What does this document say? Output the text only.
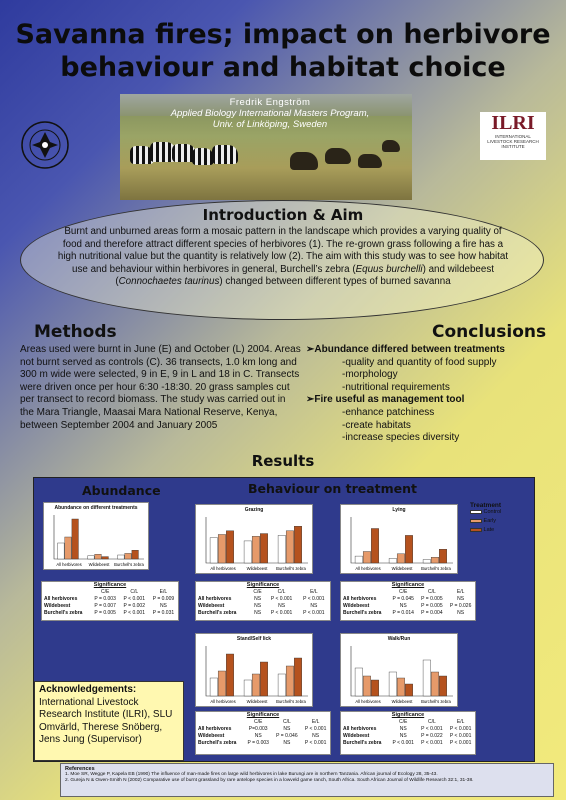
Savanna fires; impact on herbivore
behaviour and habitat choice
Fredrik Engström
Applied Biology International Masters Program,
Univ. of Linköping, Sweden	ILRI
INTERNATIONAL
LIVESTOCK RESEARCH
INSTITUTE
Introduction & Aim
Burnt and unburned areas form a mosaic pattern in the landscape which provides a varying quality of food and therefore attract different species of herbivores (1). The re-grown grass following a fire has a high nutritional value but the quantity is relatively low (2). The aim with this study was to see how habitat use and behaviour within herbivores in general, Burchell’s zebra (Equus burchelli) and wildebeest (Connochaetes taurinus) changed between different types of burned savanna
Methods
Areas used were burnt in June (E) and October (L) 2004. Areas not burnt served as controls (C). 36 transects, 1.0 km long and 300 m wide were selected, 9 in E, 9 in L and 18 in C. Transects were driven once per hour 6:30 -18:30. 20 grass samples cut per transect to record biomass. The study was carried out in the Mara Triangle, Maasai Mara National Reserve, Kenya, between September 2004 and January 2005
Conclusions
➢Abundance differed between treatments
-quality and quantity of food supply
-morphology
-nutritional requirements
➢Fire useful as management tool
-enhance patchiness
-create habitats
-increase species diversity
Results
Abundance	Behaviour on treatment
Treatment
Control
Early
Late
Abundance on different treatments
All herbivores Wildebeest Burchell's zebra
Grazing
All herbivores	Wildebeest Burchell's zebra
Lying
All herbivores	Wildebeest Burchell's zebra
Stand/Self lick
All herbivores	Wildebeest Burchell's zebra
Walk/Run
All herbivores	Wildebeest Burchell's zebra
Significance
	C/E	C/L	E/L
All herbivores	P = 0.003	P < 0.001	P = 0.009
Wildebeest	P = 0.007	P = 0.002	NS
Burchell's zebra	P = 0.005	P < 0.001	P = 0.031
Significance
	C/E	C/L	E/L
All herbivores	NS	P < 0.001	P < 0.001
Wildebeest	NS	NS	NS
Burchell's zebra	NS	P < 0.001	P < 0.001
Significance
	C/E	C/L	E/L
All herbivores	P = 0.045	P = 0.005	NS
Wildebeest	NS	P = 0.005	P = 0.026
Burchell's zebra	P = 0.014	P = 0.004	NS
Significance
	C/E	C/L	E/L
All herbivores	P=0.003	NS	P < 0.001
Wildebeest	NS	P = 0.046	NS
Burchell's zebra	P = 0.003	NS	P < 0.001
Significance
	C/E	C/L	E/L
All herbivores	NS	P < 0.001	P < 0.001
Wildebeest	NS	P = 0.022	P < 0.001
Burchell's zebra	P < 0.001	P < 0.001	P < 0.001
Acknowledgements:
International Livestock Research Institute (ILRI), SLU Omvärld, Therese Snöberg, Jens Jung (Supervisor)
References
1. Moe SR, Wegge P, Kapela EB (1990) The influence of man-made fires on large wild herbivores in lake Burungi are in northern Tanzania. African journal of Ecology 28, 35-43.
2. Gureja N & Owen-Smith N (2002) Comparative use of burnt grassland by rare antelope species in a lowveld game ranch, South Africa. South African Journal of Wildlife Research 32:1, 31-38.
